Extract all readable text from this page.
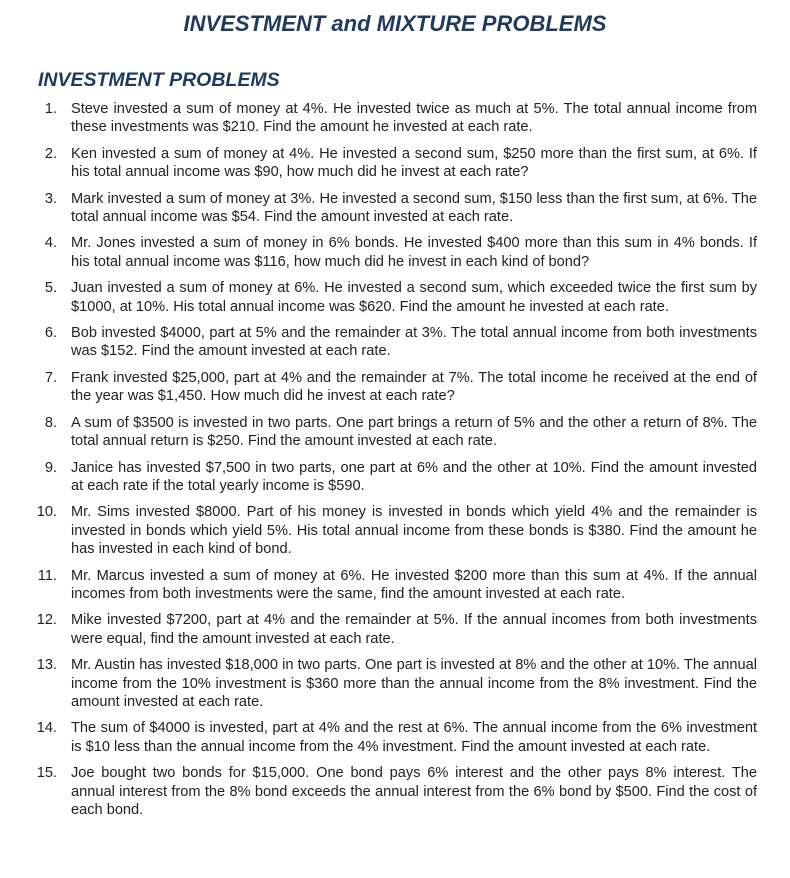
INVESTMENT and MIXTURE PROBLEMS
INVESTMENT PROBLEMS
1. Steve invested a sum of money at 4%. He invested twice as much at 5%. The total annual income from these investments was $210. Find the amount he invested at each rate.
2. Ken invested a sum of money at 4%. He invested a second sum, $250 more than the first sum, at 6%. If his total annual income was $90, how much did he invest at each rate?
3. Mark invested a sum of money at 3%. He invested a second sum, $150 less than the first sum, at 6%. The total annual income was $54. Find the amount invested at each rate.
4. Mr. Jones invested a sum of money in 6% bonds. He invested $400 more than this sum in 4% bonds. If his total annual income was $116, how much did he invest in each kind of bond?
5. Juan invested a sum of money at 6%. He invested a second sum, which exceeded twice the first sum by $1000, at 10%. His total annual income was $620. Find the amount he invested at each rate.
6. Bob invested $4000, part at 5% and the remainder at 3%. The total annual income from both investments was $152. Find the amount invested at each rate.
7. Frank invested $25,000, part at 4% and the remainder at 7%. The total income he received at the end of the year was $1,450. How much did he invest at each rate?
8. A sum of $3500 is invested in two parts. One part brings a return of 5% and the other a return of 8%. The total annual return is $250. Find the amount invested at each rate.
9. Janice has invested $7,500 in two parts, one part at 6% and the other at 10%. Find the amount invested at each rate if the total yearly income is $590.
10. Mr. Sims invested $8000. Part of his money is invested in bonds which yield 4% and the remainder is invested in bonds which yield 5%. His total annual income from these bonds is $380. Find the amount he has invested in each kind of bond.
11. Mr. Marcus invested a sum of money at 6%. He invested $200 more than this sum at 4%. If the annual incomes from both investments were the same, find the amount invested at each rate.
12. Mike invested $7200, part at 4% and the remainder at 5%. If the annual incomes from both investments were equal, find the amount invested at each rate.
13. Mr. Austin has invested $18,000 in two parts. One part is invested at 8% and the other at 10%. The annual income from the 10% investment is $360 more than the annual income from the 8% investment. Find the amount invested at each rate.
14. The sum of $4000 is invested, part at 4% and the rest at 6%. The annual income from the 6% investment is $10 less than the annual income from the 4% investment. Find the amount invested at each rate.
15. Joe bought two bonds for $15,000. One bond pays 6% interest and the other pays 8% interest. The annual interest from the 8% bond exceeds the annual interest from the 6% bond by $500. Find the cost of each bond.
